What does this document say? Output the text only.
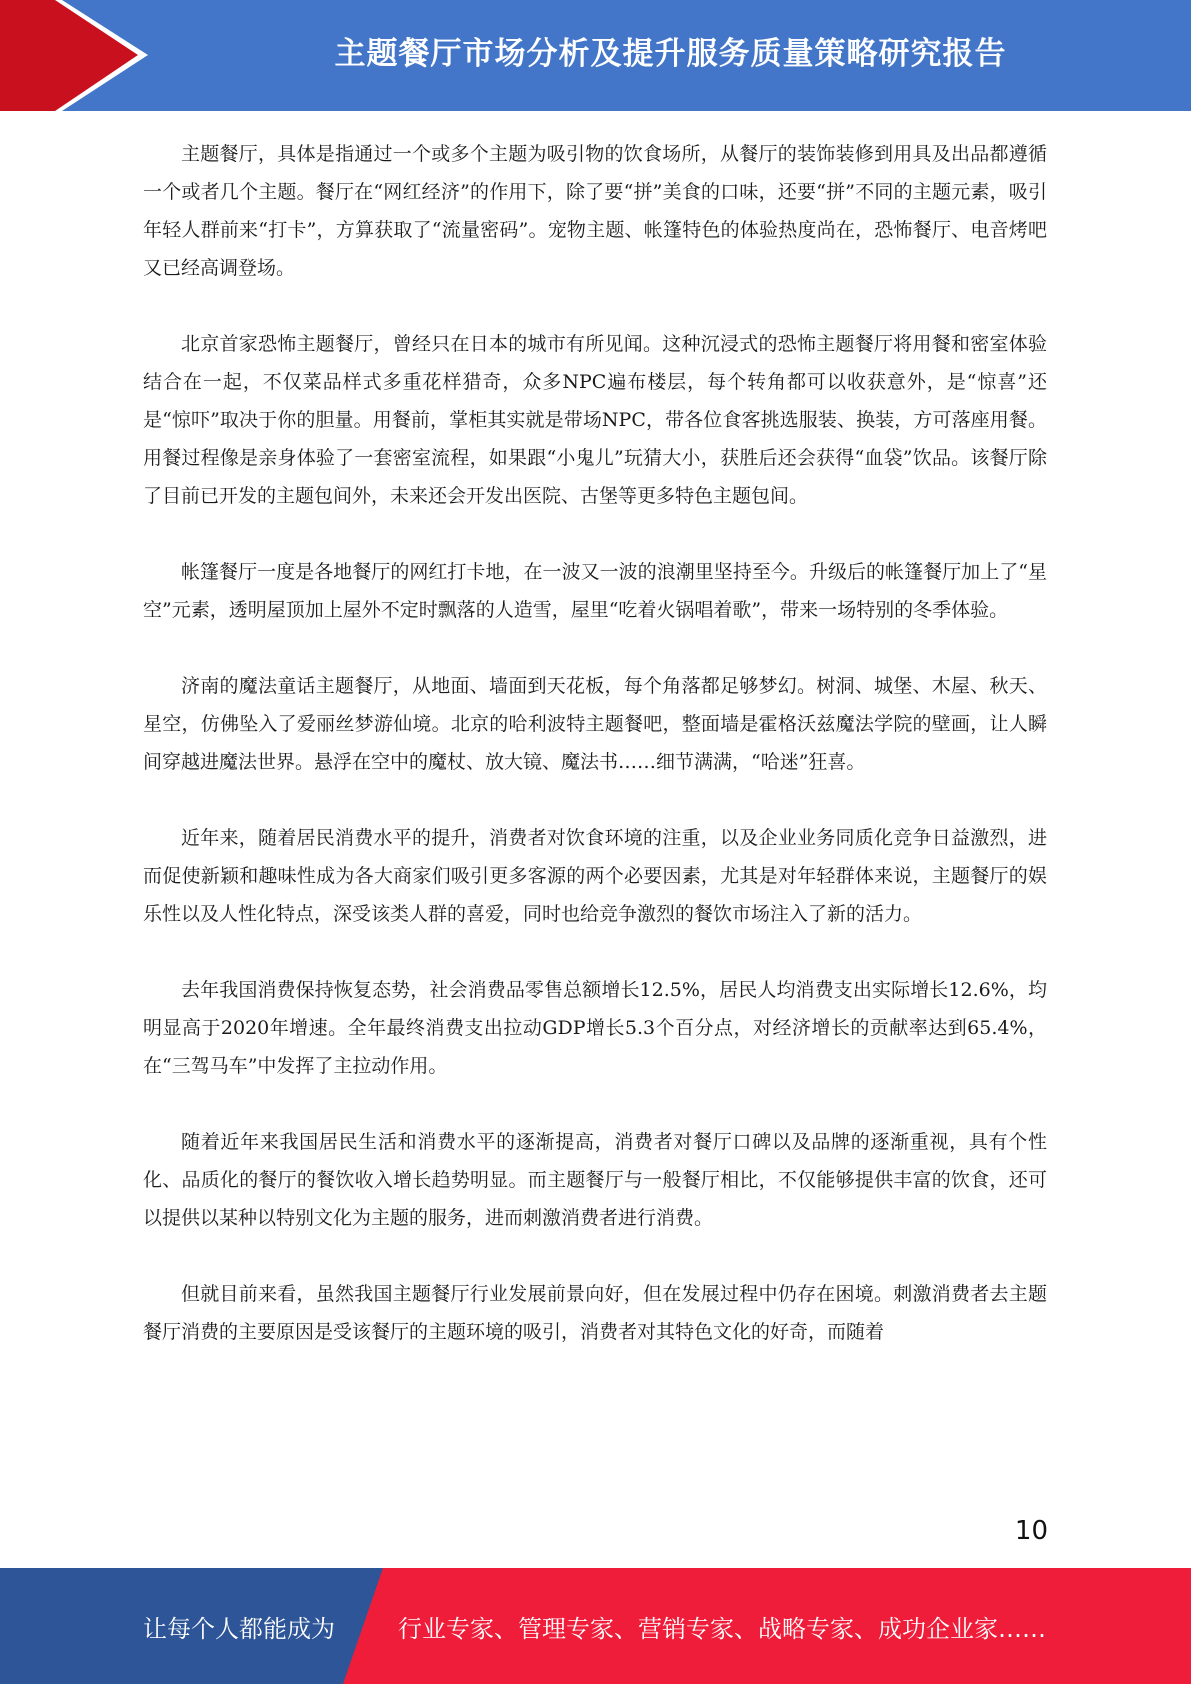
主题餐厅市场分析及提升服务质量策略研究报告

主题餐厅，具体是指通过一个或多个主题为吸引物的饮食场所，从餐厅的装饰装修到用具及出品都遵循一个或者几个主题。餐厅在“网红经济”的作用下，除了要“拼”美食的口味，还要“拼”不同的主题元素，吸引年轻人群前来“打卡”，方算获取了“流量密码”。宠物主题、帐篷特色的体验热度尚在，恐怖餐厅、电音烤吧又已经高调登场。

北京首家恐怖主题餐厅，曾经只在日本的城市有所见闻。这种沉浸式的恐怖主题餐厅将用餐和密室体验结合在一起，不仅菜品样式多重花样猎奇，众多NPC遍布楼层，每个转角都可以收获意外，是“惊喜”还是“惊吓”取决于你的胆量。用餐前，掌柜其实就是带场NPC，带各位食客挑选服装、换装，方可落座用餐。用餐过程像是亲身体验了一套密室流程，如果跟“小鬼儿”玩猜大小，获胜后还会获得“血袋”饮品。该餐厅除了目前已开发的主题包间外，未来还会开发出医院、古堡等更多特色主题包间。

帐篷餐厅一度是各地餐厅的网红打卡地，在一波又一波的浪潮里坚持至今。升级后的帐篷餐厅加上了“星空”元素，透明屋顶加上屋外不定时飘落的人造雪，屋里“吃着火锅唱着歌”，带来一场特别的冬季体验。

济南的魔法童话主题餐厅，从地面、墙面到天花板，每个角落都足够梦幻。树洞、城堡、木屋、秋天、星空，仿佛坠入了爱丽丝梦游仙境。北京的哈利波特主题餐吧，整面墙是霍格沃兹魔法学院的壁画，让人瞬间穿越进魔法世界。悬浮在空中的魔杖、放大镜、魔法书……细节满满，“哈迷”狂喜。

近年来，随着居民消费水平的提升，消费者对饮食环境的注重，以及企业业务同质化竞争日益激烈，进而促使新颖和趣味性成为各大商家们吸引更多客源的两个必要因素，尤其是对年轻群体来说，主题餐厅的娱乐性以及人性化特点，深受该类人群的喜爱，同时也给竞争激烈的餐饮市场注入了新的活力。

去年我国消费保持恢复态势，社会消费品零售总额增长12.5%，居民人均消费支出实际增长12.6%，均明显高于2020年增速。全年最终消费支出拉动GDP增长5.3个百分点，对经济增长的贡献率达到65.4%，在“三驾马车”中发挥了主拉动作用。

随着近年来我国居民生活和消费水平的逐渐提高，消费者对餐厅口碑以及品牌的逐渐重视，具有个性化、品质化的餐厅的餐饮收入增长趋势明显。而主题餐厅与一般餐厅相比，不仅能够提供丰富的饮食，还可以提供以某种以特别文化为主题的服务，进而刺激消费者进行消费。

但就目前来看，虽然我国主题餐厅行业发展前景向好，但在发展过程中仍存在困境。刺激消费者去主题餐厅消费的主要原因是受该餐厅的主题环境的吸引，消费者对其特色文化的好奇，而随着

10
让每个人都能成为	行业专家、管理专家、营销专家、战略专家、成功企业家……
